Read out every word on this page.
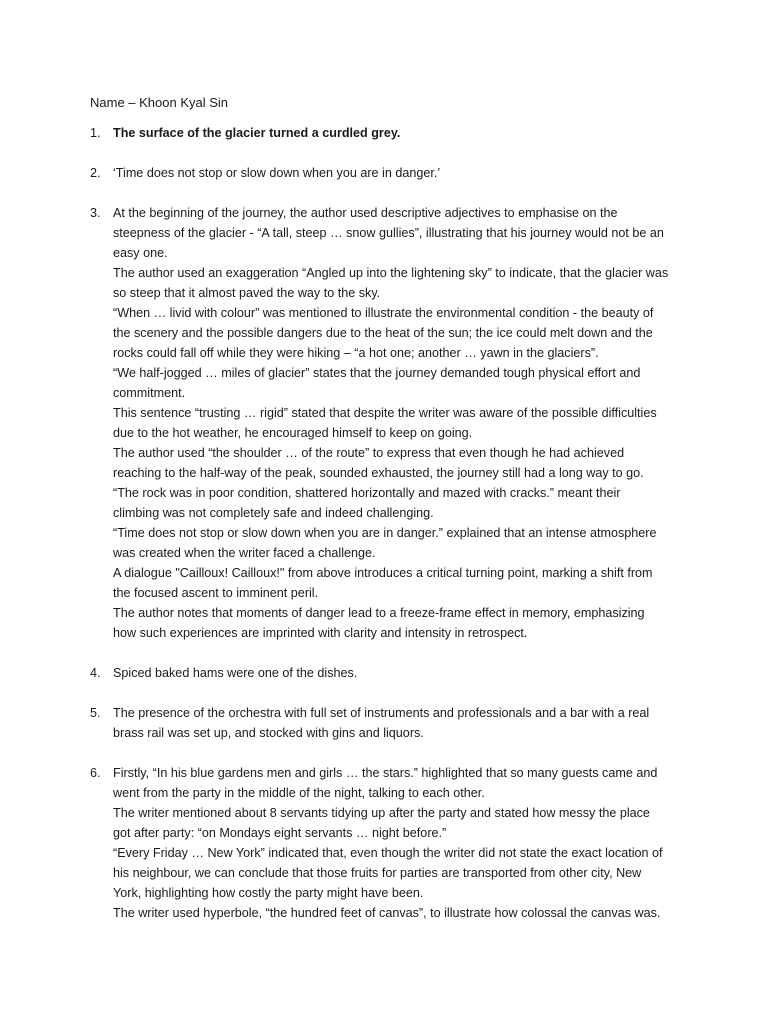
Name – Khoon Kyal Sin
1. The surface of the glacier turned a curdled grey.

2. ‘Time does not stop or slow down when you are in danger.’

3. At the beginning of the journey, the author used descriptive adjectives to emphasise on the
steepness of the glacier - “A tall, steep … snow gullies”, illustrating that his journey would not be an
easy one.

The author used an exaggeration “Angled up into the lightening sky” to indicate, that the glacier was
so steep that it almost paved the way to the sky.

“When … livid with colour” was mentioned to illustrate the environmental condition - the beauty of
the scenery and the possible dangers due to the heat of the sun; the ice could melt down and the
rocks could fall off while they were hiking – “a hot one; another … yawn in the glaciers”.

“We half-jogged … miles of glacier” states that the journey demanded tough physical effort and
commitment.

This sentence “trusting … rigid” stated that despite the writer was aware of the possible difficulties
due to the hot weather, he encouraged himself to keep on going.

The author used “the shoulder … of the route” to express that even though he had achieved
reaching to the half-way of the peak, sounded exhausted, the journey still had a long way to go.

“The rock was in poor condition, shattered horizontally and mazed with cracks.” meant their
climbing was not completely safe and indeed challenging.

“Time does not stop or slow down when you are in danger.” explained that an intense atmosphere
was created when the writer faced a challenge.

A dialogue "Cailloux! Cailloux!" from above introduces a critical turning point, marking a shift from
the focused ascent to imminent peril.

The author notes that moments of danger lead to a freeze-frame effect in memory, emphasizing
how such experiences are imprinted with clarity and intensity in retrospect.

4. Spiced baked hams were one of the dishes.

5. The presence of the orchestra with full set of instruments and professionals and a bar with a real
brass rail was set up, and stocked with gins and liquors.

6. Firstly, “In his blue gardens men and girls … the stars.” highlighted that so many guests came and
went from the party in the middle of the night, talking to each other.

The writer mentioned about 8 servants tidying up after the party and stated how messy the place
got after party: “on Mondays eight servants … night before.”

“Every Friday … New York” indicated that, even though the writer did not state the exact location of
his neighbour, we can conclude that those fruits for parties are transported from other city, New
York, highlighting how costly the party might have been.

The writer used hyperbole, “the hundred feet of canvas”, to illustrate how colossal the canvas was.
